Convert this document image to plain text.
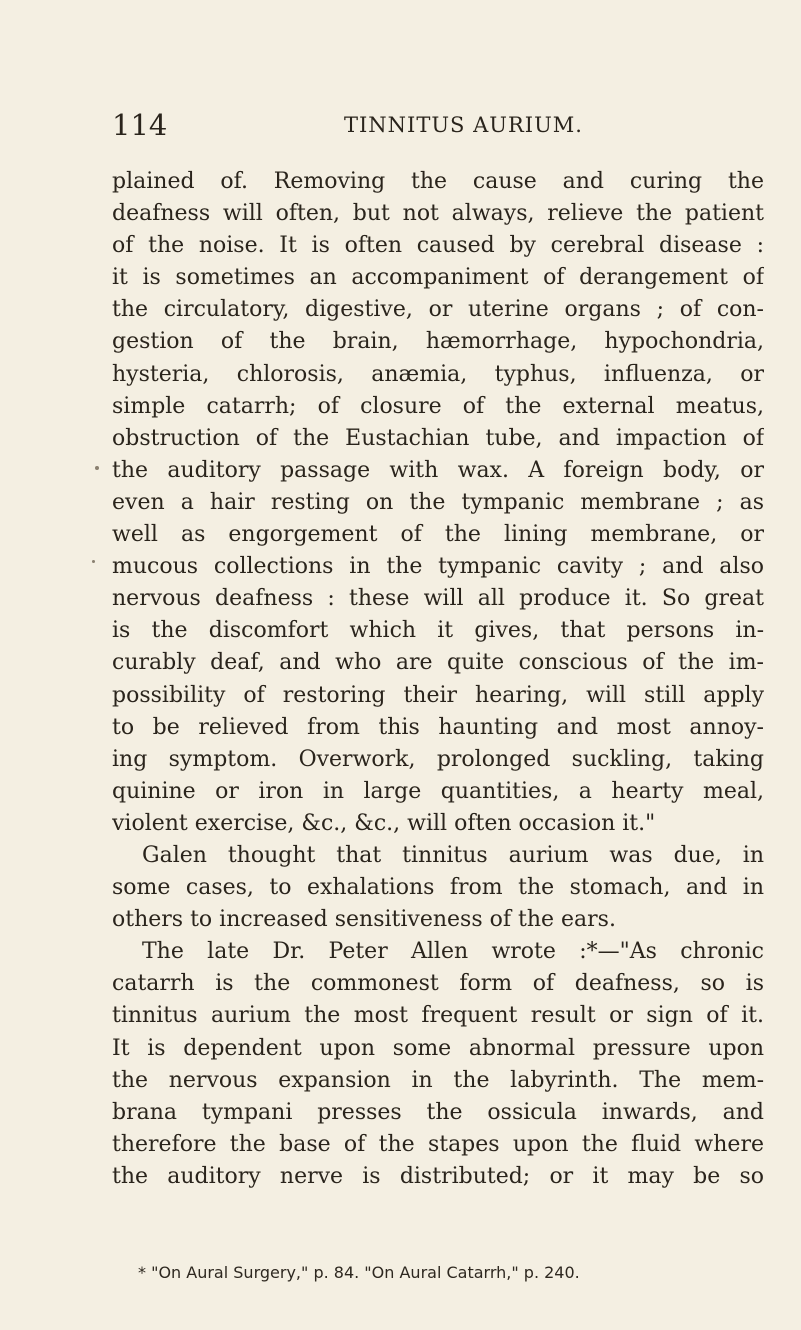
114	TINNITUS AURIUM.
plained of. Removing the cause and curing the
deafness will often, but not always, relieve the patient
of the noise. It is often caused by cerebral disease :
it is sometimes an accompaniment of derangement of
the circulatory, digestive, or uterine organs ; of con-
gestion of the brain, hæmorrhage, hypochondria,
hysteria, chlorosis, anæmia, typhus, influenza, or
simple catarrh; of closure of the external meatus,
obstruction of the Eustachian tube, and impaction of
the auditory passage with wax. A foreign body, or
even a hair resting on the tympanic membrane ; as
well as engorgement of the lining membrane, or
mucous collections in the tympanic cavity ; and also
nervous deafness : these will all produce it. So great
is the discomfort which it gives, that persons in-
curably deaf, and who are quite conscious of the im-
possibility of restoring their hearing, will still apply
to be relieved from this haunting and most annoy-
ing symptom. Overwork, prolonged suckling, taking
quinine or iron in large quantities, a hearty meal,
violent exercise, &c., &c., will often occasion it."
Galen thought that tinnitus aurium was due, in
some cases, to exhalations from the stomach, and in
others to increased sensitiveness of the ears.
The late Dr. Peter Allen wrote :*—"As chronic
catarrh is the commonest form of deafness, so is
tinnitus aurium the most frequent result or sign of it.
It is dependent upon some abnormal pressure upon
the nervous expansion in the labyrinth. The mem-
brana tympani presses the ossicula inwards, and
therefore the base of the stapes upon the fluid where
the auditory nerve is distributed; or it may be so
* "On Aural Surgery," p. 84. "On Aural Catarrh," p. 240.
